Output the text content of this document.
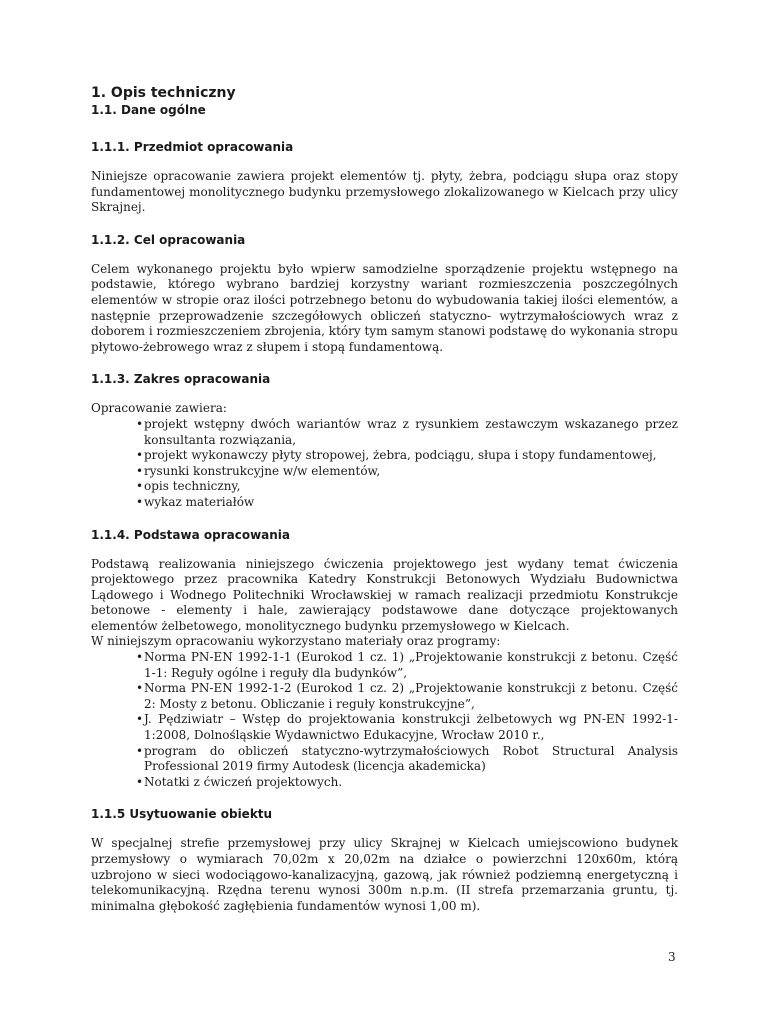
1. Opis techniczny
1.1. Dane ogólne
1.1.1. Przedmiot opracowania

Niniejsze opracowanie zawiera projekt elementów tj. płyty, żebra, podciągu słupa oraz stopy fundamentowej monolitycznego budynku przemysłowego zlokalizowanego w Kielcach przy ulicy Skrajnej.

1.1.2. Cel opracowania

Celem wykonanego projektu było wpierw samodzielne sporządzenie projektu wstępnego na podstawie, którego wybrano bardziej korzystny wariant rozmieszczenia poszczególnych elementów w stropie oraz ilości potrzebnego betonu do wybudowania takiej ilości elementów, a następnie przeprowadzenie szczegółowych obliczeń statyczno- wytrzymałościowych wraz z doborem i rozmieszczeniem zbrojenia, który tym samym stanowi podstawę do wykonania stropu płytowo-żebrowego wraz z słupem i stopą fundamentową.

1.1.3. Zakres opracowania

Opracowanie zawiera:

• projekt wstępny dwóch wariantów wraz z rysunkiem zestawczym wskazanego przez konsultanta rozwiązania,
• projekt wykonawczy płyty stropowej, żebra, podciągu, słupa i stopy fundamentowej,
• rysunki konstrukcyjne w/w elementów,
• opis techniczny,
• wykaz materiałów
1.1.4. Podstawa opracowania

Podstawą realizowania niniejszego ćwiczenia projektowego jest wydany temat ćwiczenia projektowego przez pracownika Katedry Konstrukcji Betonowych Wydziału Budownictwa Lądowego i Wodnego Politechniki Wrocławskiej w ramach realizacji przedmiotu Konstrukcje betonowe - elementy i hale, zawierający podstawowe dane dotyczące projektowanych elementów żelbetowego, monolitycznego budynku przemysłowego w Kielcach.

W niniejszym opracowaniu wykorzystano materiały oraz programy:

• Norma PN-EN 1992-1-1 (Eurokod 1 cz. 1) „Projektowanie konstrukcji z betonu. Część 1-1: Reguły ogólne i reguły dla budynków”,
• Norma PN-EN 1992-1-2 (Eurokod 1 cz. 2) „Projektowanie konstrukcji z betonu. Część 2: Mosty z betonu. Obliczanie i reguły konstrukcyjne”,
• J. Pędziwiatr – Wstęp do projektowania konstrukcji żelbetowych wg PN-EN 1992-1-1:2008, Dolnośląskie Wydawnictwo Edukacyjne, Wrocław 2010 r.,
• program do obliczeń statyczno-wytrzymałościowych Robot Structural Analysis Professional 2019 firmy Autodesk (licencja akademicka)
• Notatki z ćwiczeń projektowych.
1.1.5 Usytuowanie obiektu

W specjalnej strefie przemysłowej przy ulicy Skrajnej w Kielcach umiejscowiono budynek przemysłowy o wymiarach 70,02m x 20,02m na działce o powierzchni 120x60m, którą uzbrojono w sieci wodociągowo-kanalizacyjną, gazową, jak również podziemną energetyczną i telekomunikacyjną. Rzędna terenu wynosi 300m n.p.m. (II strefa przemarzania gruntu, tj. minimalna głębokość zagłębienia fundamentów wynosi 1,00 m).

3
